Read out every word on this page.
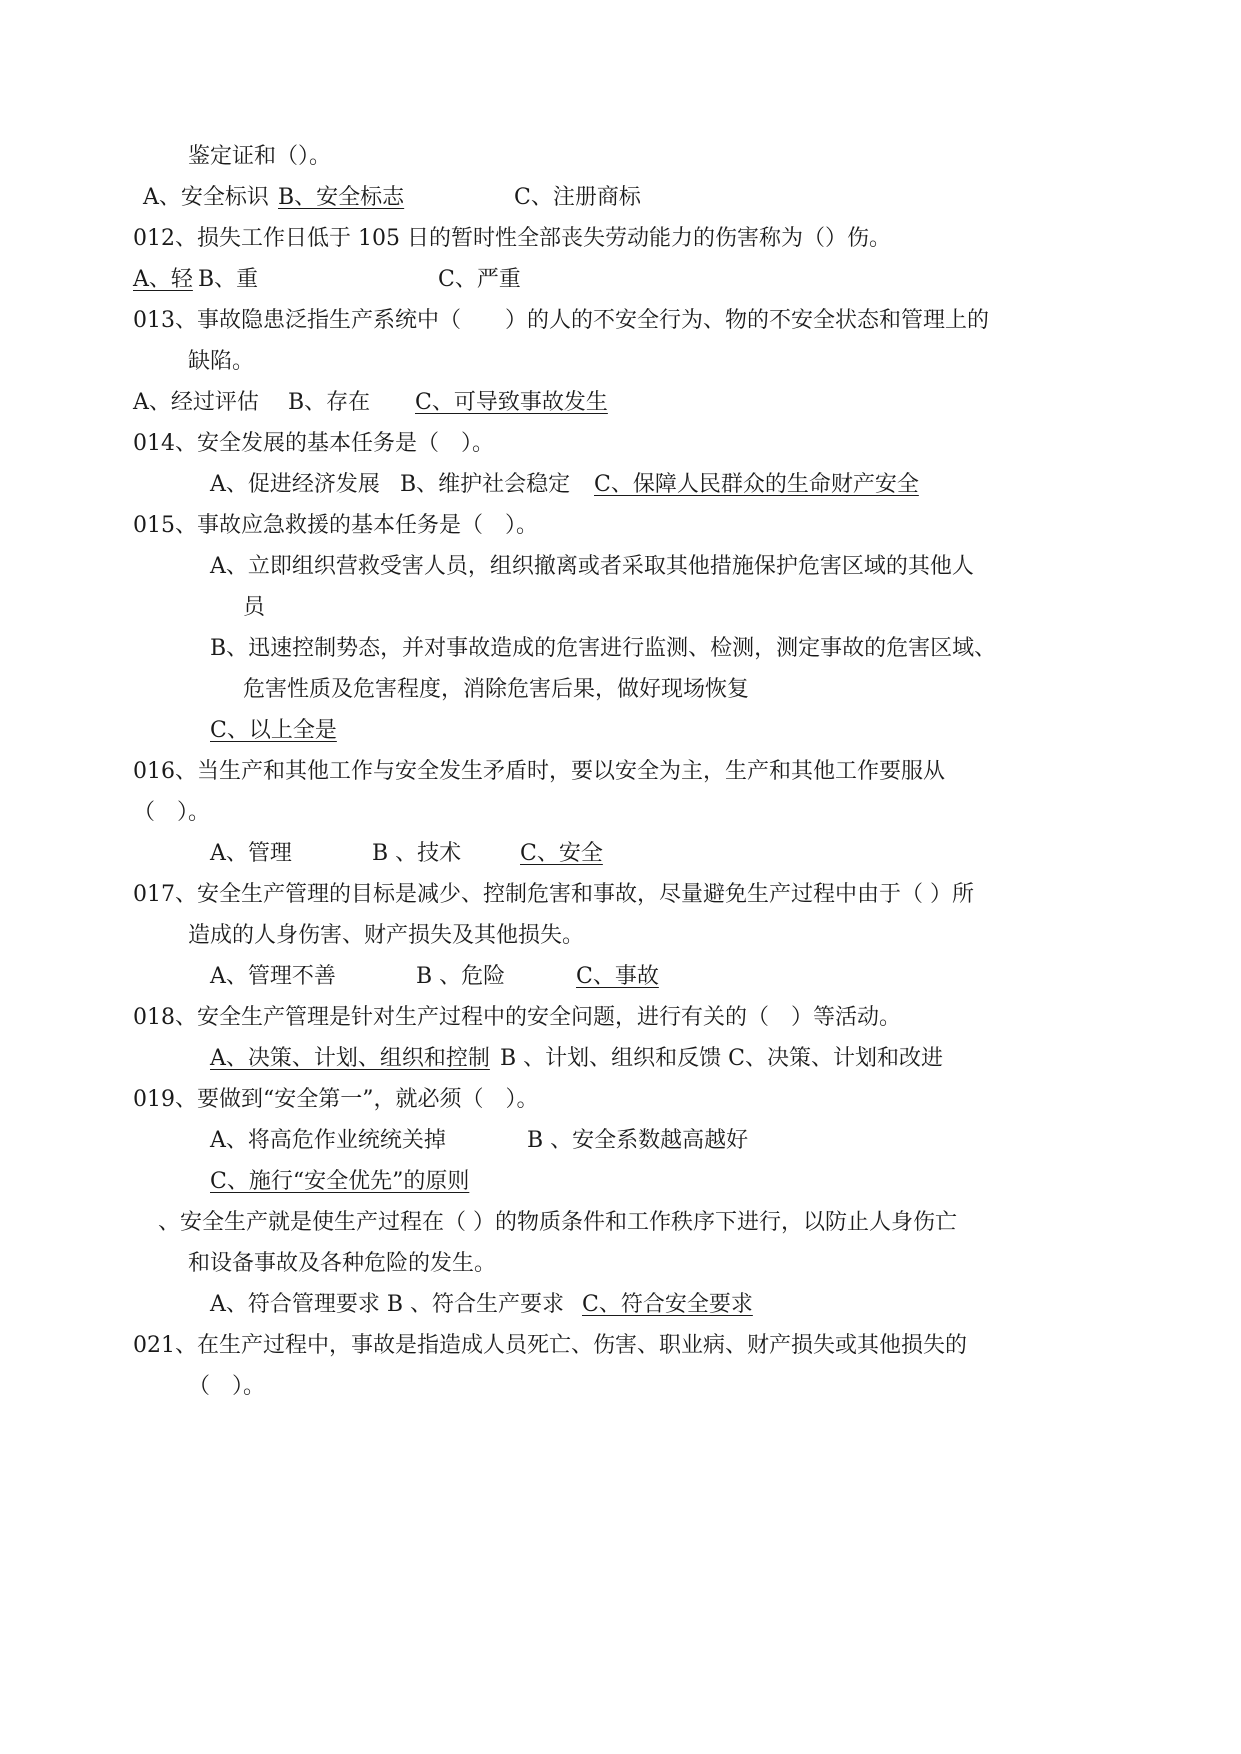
鉴定证和（）。
A、安全标识 B、安全标志	C、注册商标
012、损失工作日低于 105 日的暂时性全部丧失劳动能力的伤害称为（）伤。
A、轻 B、重	C、严重
013、事故隐患泛指生产系统中（　　）的人的不安全行为、物的不安全状态和管理上的
缺陷。
A、经过评估 B、存在 C、可导致事故发生
014、安全发展的基本任务是（　）。
A、促进经济发展 B、维护社会稳定 C、保障人民群众的生命财产安全
015、事故应急救援的基本任务是（　）。
A、立即组织营救受害人员，组织撤离或者采取其他措施保护危害区域的其他人
员
B、迅速控制势态，并对事故造成的危害进行监测、检测，测定事故的危害区域、
危害性质及危害程度，消除危害后果，做好现场恢复
C、以上全是
016、当生产和其他工作与安全发生矛盾时，要以安全为主，生产和其他工作要服从
（　）。
A、管理	B 、技术	C、安全
017、安全生产管理的目标是减少、控制危害和事故，尽量避免生产过程中由于（ ）所
造成的人身伤害、财产损失及其他损失。
A、管理不善	B 、危险	C、事故
018、安全生产管理是针对生产过程中的安全问题，进行有关的（　）等活动。
A、决策、计划、组织和控制 B 、计划、组织和反馈 C、决策、计划和改进
019、要做到“安全第一”，就必须（　）。
A、将高危作业统统关掉	B 、安全系数越高越好
C、施行“安全优先”的原则
、安全生产就是使生产过程在（ ）的物质条件和工作秩序下进行，以防止人身伤亡
和设备事故及各种危险的发生。
A、符合管理要求 B 、符合生产要求 C、符合安全要求
021、在生产过程中，事故是指造成人员死亡、伤害、职业病、财产损失或其他损失的
（　）。
